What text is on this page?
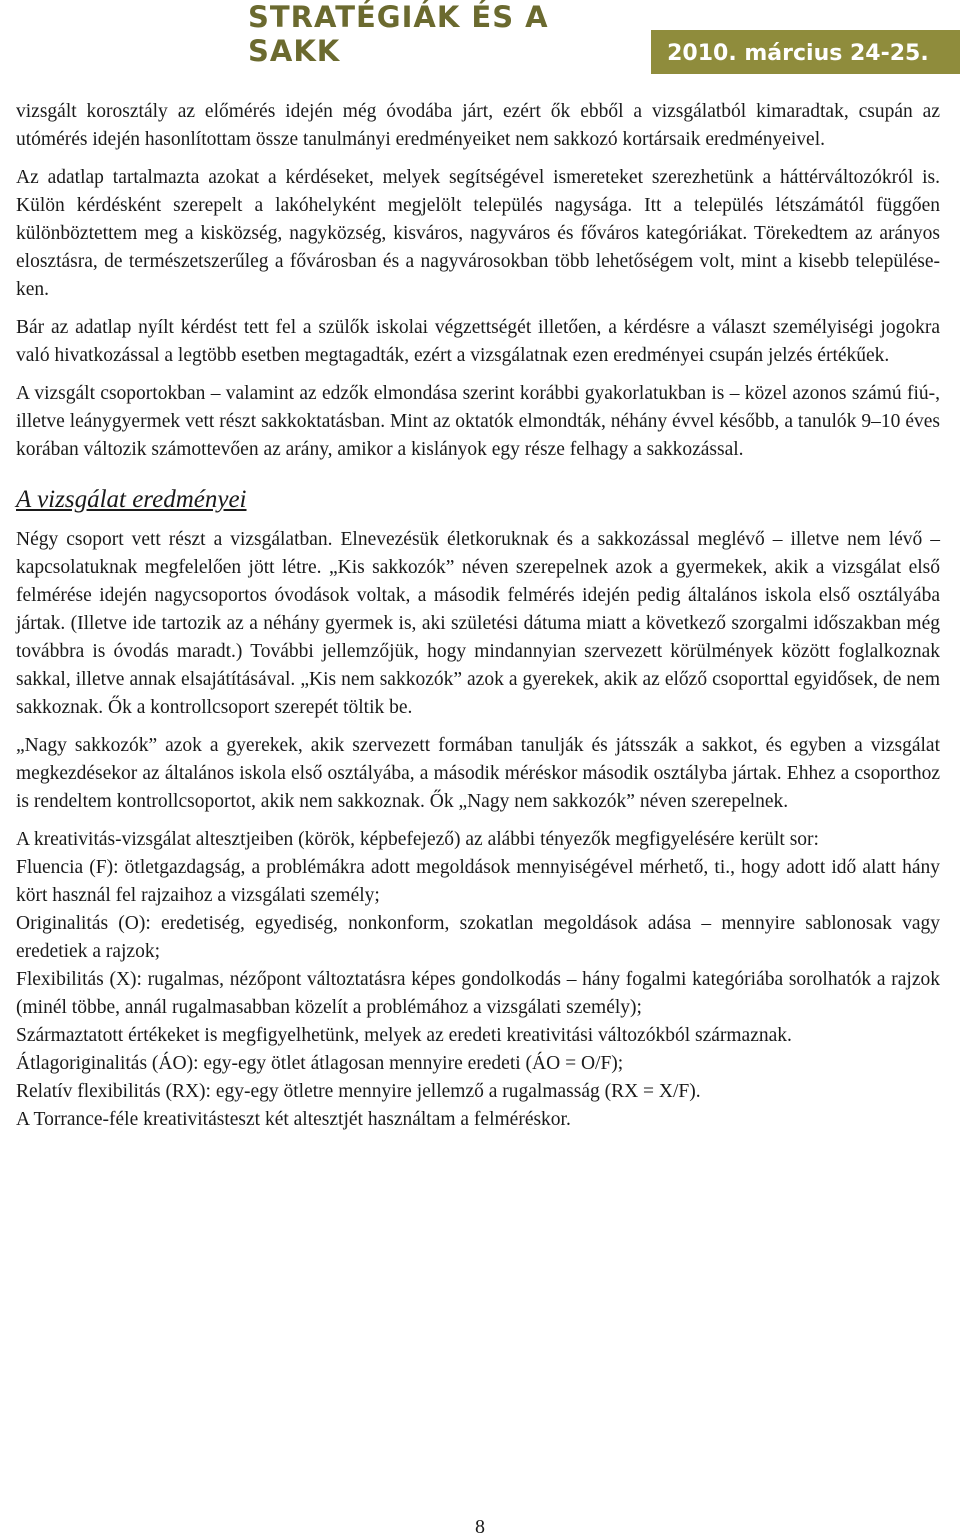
STRATÉGIÁK ÉS A SAKK	2010. március 24-25.

vizsgált korosztály az előmérés idején még óvodába járt, ezért ők ebből a vizsgálatból kimaradtak, csupán az utómérés idején hasonlítottam össze tanulmányi eredményeiket nem sakkozó kortársaik eredményeivel.

Az adatlap tartalmazta azokat a kérdéseket, melyek segítségével ismereteket szerezhetünk a háttérváltozókról is. Külön kérdésként szerepelt a lakóhelyként megjelölt település nagysága. Itt a település létszámától függően különböztettem meg a kisközség, nagyközség, kisváros, nagyváros és főváros kategóriákat. Törekedtem az arányos elosztásra, de természetszerűleg a fővárosban és a nagyvárosokban több lehetőségem volt, mint a kisebb települése-ken.

Bár az adatlap nyílt kérdést tett fel a szülők iskolai végzettségét illetően, a kérdésre a választ személyiségi jogokra való hivatkozással a legtöbb esetben megtagadták, ezért a vizsgálatnak ezen eredményei csupán jelzés értékűek.

A vizsgált csoportokban – valamint az edzők elmondása szerint korábbi gyakorlatukban is – közel azonos számú fiú-, illetve leánygyermek vett részt sakkoktatásban. Mint az oktatók elmondták, néhány évvel később, a tanulók 9–10 éves korában változik számottevően az arány, amikor a kislányok egy része felhagy a sakkozással.

A vizsgálat eredményei

Négy csoport vett részt a vizsgálatban. Elnevezésük életkoruknak és a sakkozással meglévő – illetve nem lévő – kapcsolatuknak megfelelően jött létre. „Kis sakkozók” néven szerepelnek azok a gyermekek, akik a vizsgálat első felmérése idején nagycsoportos óvodások voltak, a második felmérés idején pedig általános iskola első osztályába jártak. (Illetve ide tartozik az a néhány gyermek is, aki születési dátuma miatt a következő szorgalmi időszakban még továbbra is óvodás maradt.) További jellemzőjük, hogy mindannyian szervezett körülmények között foglalkoznak sakkal, illetve annak elsajátításával. „Kis nem sakkozók” azok a gyerekek, akik az előző csoporttal egyidősek, de nem sakkoznak. Ők a kontrollcsoport szerepét töltik be.

„Nagy sakkozók” azok a gyerekek, akik szervezett formában tanulják és játsszák a sakkot, és egyben a vizsgálat megkezdésekor az általános iskola első osztályába, a második méréskor második osztályba jártak. Ehhez a csoporthoz is rendeltem kontrollcsoportot, akik nem sakkoznak. Ők „Nagy nem sakkozók” néven szerepelnek.

A kreativitás-vizsgálat altesztjeiben (körök, képbefejező) az alábbi tényezők megfigyelésére került sor:

Fluencia (F): ötletgazdagság, a problémákra adott megoldások mennyiségével mérhető, ti., hogy adott idő alatt hány kört használ fel rajzaihoz a vizsgálati személy;

Originalitás (O): eredetiség, egyediség, nonkonform, szokatlan megoldások adása – mennyire sablonosak vagy eredetiek a rajzok;

Flexibilitás (X): rugalmas, nézőpont változtatásra képes gondolkodás – hány fogalmi kategóriába sorolhatók a rajzok (minél többe, annál rugalmasabban közelít a problémához a vizsgálati személy);

Származtatott értékeket is megfigyelhetünk, melyek az eredeti kreativitási változókból származnak.

Átlagoriginalitás (ÁO): egy-egy ötlet átlagosan mennyire eredeti (ÁO = O/F);

Relatív flexibilitás (RX): egy-egy ötletre mennyire jellemző a rugalmasság (RX = X/F).

A Torrance-féle kreativitásteszt két altesztjét használtam a felméréskor.

8
